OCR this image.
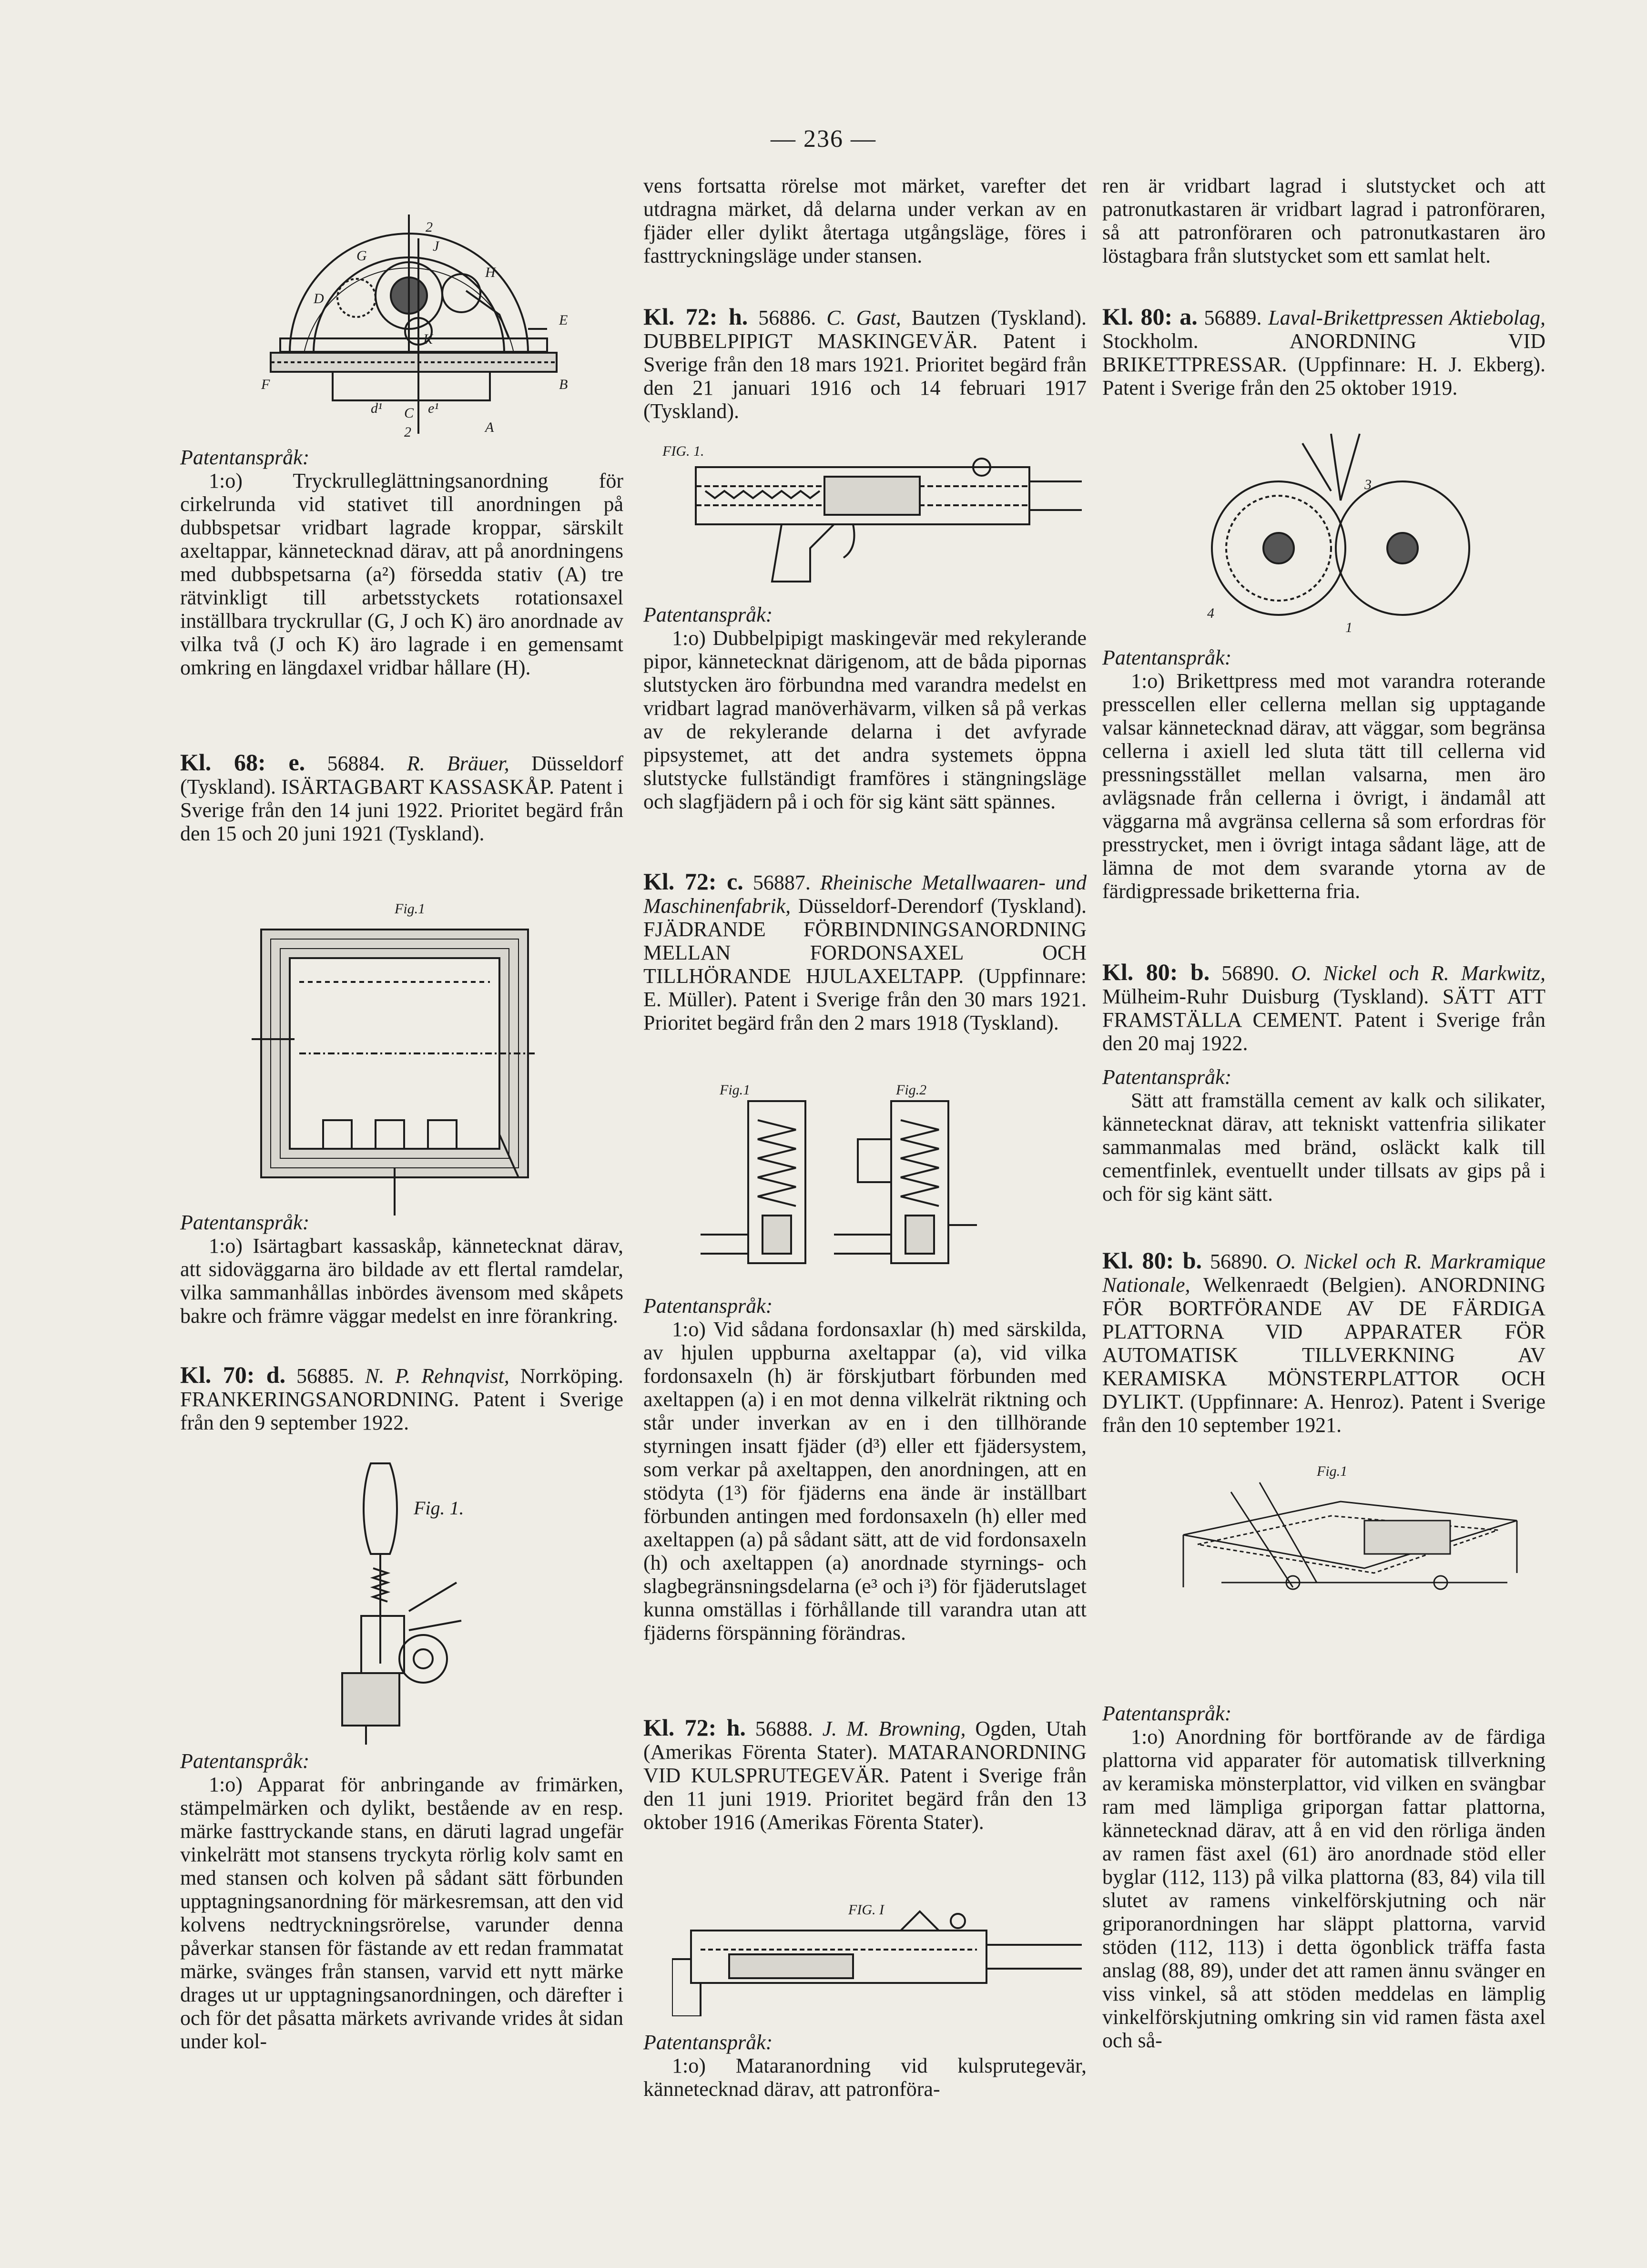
— 236 —
2
G
J
H
D
K
E
F	B
d¹ C e¹
2	A

Patentanspråk:

1:o) Tryckrulleglättningsanordning för cirkelrunda vid stativet till anordningen på dubbspetsar vridbart lagrade kroppar, särskilt axeltappar, kännetecknad därav, att på anordningens med dubbspetsarna (a²) försedda stativ (A) tre rätvinkligt till arbetsstyckets rotationsaxel inställbara tryckrullar (G, J och K) äro anordnade av vilka två (J och K) äro lagrade i en gemensamt omkring en längdaxel vridbar hållare (H).

Kl. 68: e. 56884. R. Bräuer, Düsseldorf (Tyskland). ISÄRTAGBART KASSASKÅP. Patent i Sverige från den 14 juni 1922. Prioritet begärd från den 15 och 20 juni 1921 (Tyskland).

Fig.1

Patentanspråk:

1:o) Isärtagbart kassaskåp, kännetecknat därav, att sidoväggarna äro bildade av ett flertal ramdelar, vilka sammanhållas inbördes ävensom med skåpets bakre och främre väggar medelst en inre förankring.

Kl. 70: d. 56885. N. P. Rehnqvist, Norrköping. FRANKERINGSANORDNING. Patent i Sverige från den 9 september 1922.

Fig. 1.

Patentanspråk:

1:o) Apparat för anbringande av frimärken, stämpelmärken och dylikt, bestående av en resp. märke fasttryckande stans, en däruti lagrad ungefär vinkelrätt mot stansens tryckyta rörlig kolv samt en med stansen och kolven på sådant sätt förbunden upptagningsanordning för märkesremsan, att den vid kolvens nedtryckningsrörelse, varunder denna påverkar stansen för fästande av ett redan frammatat märke, svänges från stansen, varvid ett nytt märke drages ut ur upptagningsanordningen, och därefter i och för det påsatta märkets avrivande vrides åt sidan under kol-

vens fortsatta rörelse mot märket, varefter det utdragna märket, då delarna under verkan av en fjäder eller dylikt återtaga utgångsläge, föres i fasttryckningsläge under stansen.

Kl. 72: h. 56886. C. Gast, Bautzen (Tyskland). DUBBELPIPIGT MASKINGEVÄR. Patent i Sverige från den 18 mars 1921. Prioritet begärd från den 21 januari 1916 och 14 februari 1917 (Tyskland).

FIG. 1.

Patentanspråk:

1:o) Dubbelpipigt maskingevär med rekylerande pipor, kännetecknat därigenom, att de båda pipornas slutstycken äro förbundna med varandra medelst en vridbart lagrad manöverhävarm, vilken så på verkas av de rekylerande delarna i det avfyrade pipsystemet, att det andra systemets öppna slutstycke fullständigt framföres i stängningsläge och slagfjädern på i och för sig känt sätt spännes.

Kl. 72: c. 56887. Rheinische Metallwaaren- und Maschinenfabrik, Düsseldorf-Derendorf (Tyskland). FJÄDRANDE FÖRBINDNINGSANORDNING MELLAN FORDONSAXEL OCH TILLHÖRANDE HJULAXELTAPP. (Uppfinnare: E. Müller). Patent i Sverige från den 30 mars 1921. Prioritet begärd från den 2 mars 1918 (Tyskland).

Fig.1	Fig.2

Patentanspråk:

1:o) Vid sådana fordonsaxlar (h) med särskilda, av hjulen uppburna axeltappar (a), vid vilka fordonsaxeln (h) är förskjutbart förbunden med axeltappen (a) i en mot denna vilkelrät riktning och står under inverkan av en i den tillhörande styrningen insatt fjäder (d³) eller ett fjädersystem, som verkar på axeltappen, den anordningen, att en stödyta (1³) för fjäderns ena ände är inställbart förbunden antingen med fordonsaxeln (h) eller med axeltappen (a) på sådant sätt, att de vid fordonsaxeln (h) och axeltappen (a) anordnade styrnings- och slagbegränsningsdelarna (e³ och i³) för fjäderutslaget kunna omställas i förhållande till varandra utan att fjäderns förspänning förändras.

Kl. 72: h. 56888. J. M. Browning, Ogden, Utah (Amerikas Förenta Stater). MATARANORDNING VID KULSPRUTEGEVÄR. Patent i Sverige från den 11 juni 1919. Prioritet begärd från den 13 oktober 1916 (Amerikas Förenta Stater).

FIG. I

Patentanspråk:

1:o) Mataranordning vid kulsprutegevär, kännetecknad därav, att patronföra-

ren är vridbart lagrad i slutstycket och att patronutkastaren är vridbart lagrad i patronföraren, så att patronföraren och patronutkastaren äro löstagbara från slutstycket som ett samlat helt.

Kl. 80: a. 56889. Laval-Brikettpressen Aktiebolag, Stockholm. ANORDNING VID BRIKETTPRESSAR. (Uppfinnare: H. J. Ekberg). Patent i Sverige från den 25 oktober 1919.

3
4
1

Patentanspråk:

1:o) Brikettpress med mot varandra roterande presscellen eller cellerna mellan sig upptagande valsar kännetecknad därav, att väggar, som begränsa cellerna i axiell led sluta tätt till cellerna vid pressningsstället mellan valsarna, men äro avlägsnade från cellerna i övrigt, i ändamål att väggarna må avgränsa cellerna så som erfordras för presstrycket, men i övrigt intaga sådant läge, att de lämna de mot dem svarande ytorna av de färdigpressade briketterna fria.

Kl. 80: b. 56890. O. Nickel och R. Markwitz, Mülheim-Ruhr Duisburg (Tyskland). SÄTT ATT FRAMSTÄLLA CEMENT. Patent i Sverige från den 20 maj 1922.

Patentanspråk:

Sätt att framställa cement av kalk och silikater, kännetecknat därav, att tekniskt vattenfria silikater sammanmalas med bränd, osläckt kalk till cementfinlek, eventuellt under tillsats av gips på i och för sig känt sätt.

Kl. 80: b. 56890. O. Nickel och R. Markramique Nationale, Welkenraedt (Belgien). ANORDNING FÖR BORTFÖRANDE AV DE FÄRDIGA PLATTORNA VID APPARATER FÖR AUTOMATISK TILLVERKNING AV KERAMISKA MÖNSTERPLATTOR OCH DYLIKT. (Uppfinnare: A. Henroz). Patent i Sverige från den 10 september 1921.

Fig.1

Patentanspråk:

1:o) Anordning för bortförande av de färdiga plattorna vid apparater för automatisk tillverkning av keramiska mönsterplattor, vid vilken en svängbar ram med lämpliga griporgan fattar plattorna, kännetecknad därav, att å en vid den rörliga änden av ramen fäst axel (61) äro anordnade stöd eller byglar (112, 113) på vilka plattorna (83, 84) vila till slutet av ramens vinkelförskjutning och när griporanordningen har släppt plattorna, varvid stöden (112, 113) i detta ögonblick träffa fasta anslag (88, 89), under det att ramen ännu svänger en viss vinkel, så att stöden meddelas en lämplig vinkelförskjutning omkring sin vid ramen fästa axel och så-
